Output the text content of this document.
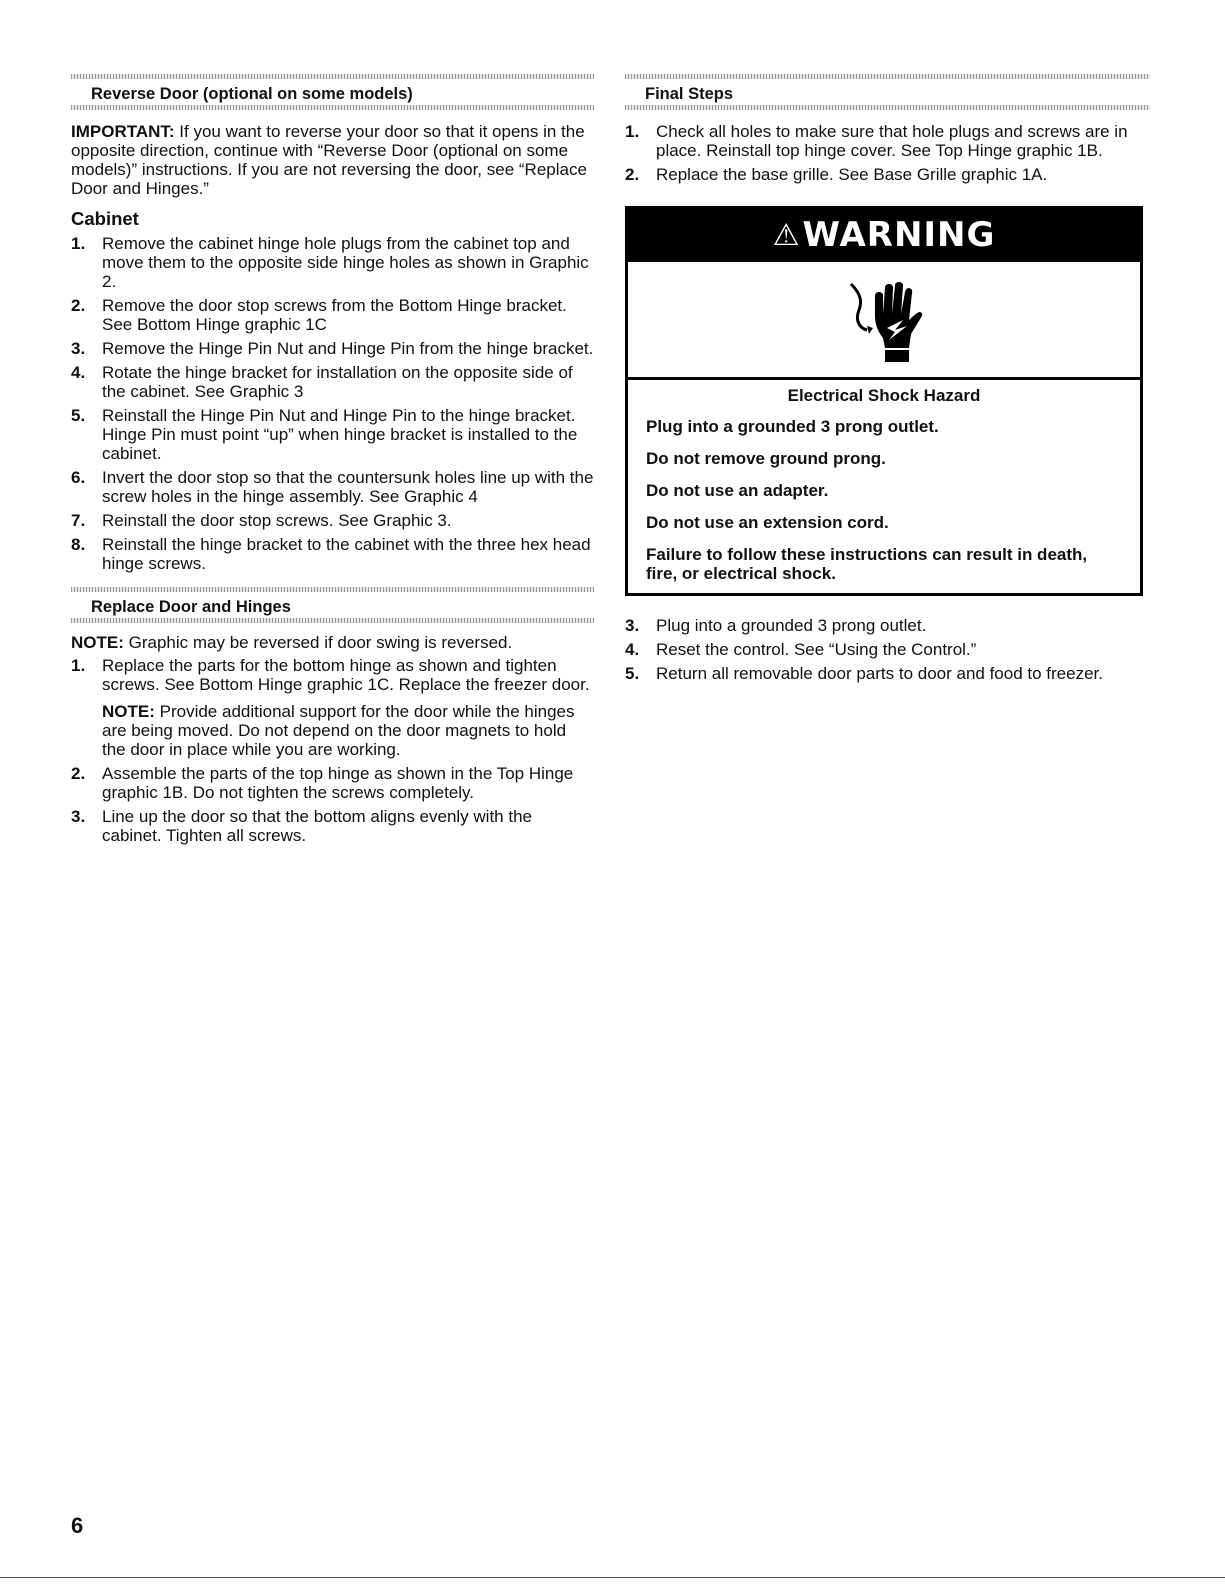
Reverse Door (optional on some models)

IMPORTANT: If you want to reverse your door so that it opens in the opposite direction, continue with “Reverse Door (optional on some models)” instructions. If you are not reversing the door, see “Replace Door and Hinges.”

Cabinet
1. Remove the cabinet hinge hole plugs from the cabinet top and move them to the opposite side hinge holes as shown in Graphic 2.
2. Remove the door stop screws from the Bottom Hinge bracket. See Bottom Hinge graphic 1C
3. Remove the Hinge Pin Nut and Hinge Pin from the hinge bracket.
4. Rotate the hinge bracket for installation on the opposite side of the cabinet. See Graphic 3
5. Reinstall the Hinge Pin Nut and Hinge Pin to the hinge bracket. Hinge Pin must point “up” when hinge bracket is installed to the cabinet.
6. Invert the door stop so that the countersunk holes line up with the screw holes in the hinge assembly. See Graphic 4
7. Reinstall the door stop screws. See Graphic 3.
8. Reinstall the hinge bracket to the cabinet with the three hex head hinge screws.
Replace Door and Hinges

NOTE: Graphic may be reversed if door swing is reversed.

1. Replace the parts for the bottom hinge as shown and tighten screws. See Bottom Hinge graphic 1C. Replace the freezer door.

NOTE: Provide additional support for the door while the hinges are being moved. Do not depend on the door magnets to hold the door in place while you are working.

2. Assemble the parts of the top hinge as shown in the Top Hinge graphic 1B. Do not tighten the screws completely.
3. Line up the door so that the bottom aligns evenly with the cabinet. Tighten all screws.
Final Steps
1. Check all holes to make sure that hole plugs and screws are in place. Reinstall top hinge cover. See Top Hinge graphic 1B.
2. Replace the base grille. See Base Grille graphic 1A.
⚠ WARNING
Electrical Shock Hazard
Plug into a grounded 3 prong outlet.
Do not remove ground prong.
Do not use an adapter.
Do not use an extension cord.
Failure to follow these instructions can result in death, fire, or electrical shock.
3. Plug into a grounded 3 prong outlet.
4. Reset the control. See “Using the Control.”
5. Return all removable door parts to door and food to freezer.
6
